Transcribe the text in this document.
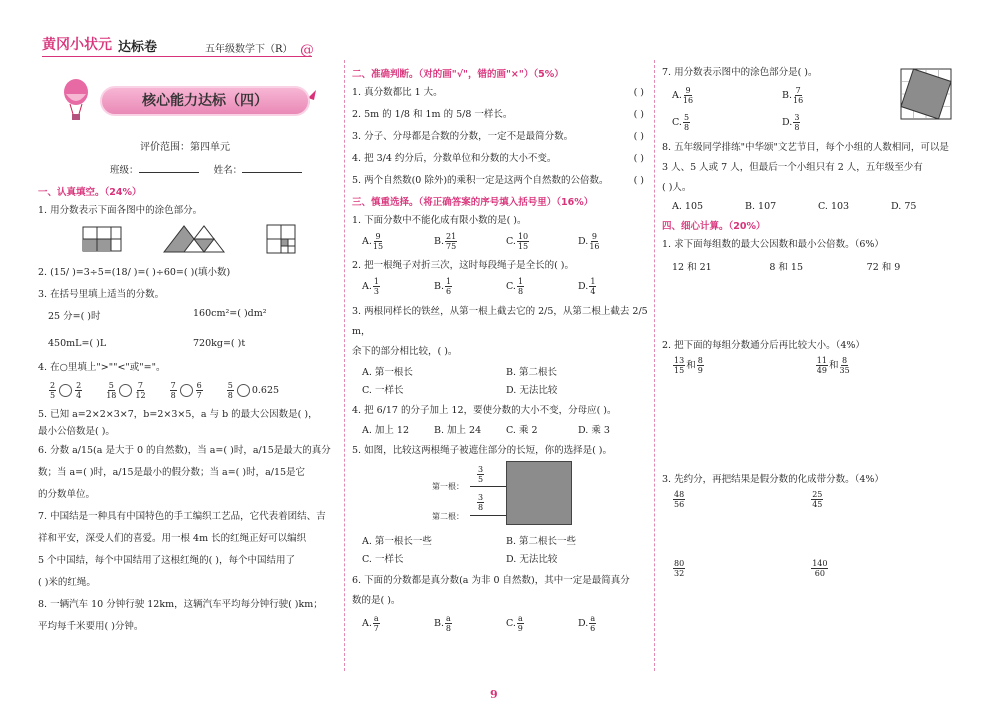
黄冈小状元 达标卷	五年级数学下（R） @
核心能力达标（四）
评价范围：第四单元
班级：	姓名：
一、认真填空。（24%）
1. 用分数表示下面各图中的涂色部分。
2. (15/ )=3÷5=(18/ )=( )÷60=( )(填小数)
3. 在括号里填上适当的分数。
25 分=( )时	160cm²=( )dm²
450mL=( )L	720kg=( )t
4. 在○里填上">""<"或"="。
$\frac{2}{5} \frac{2}{4}$	$\frac{5}{18} \frac{7}{12}$	$\frac{7}{8} \frac{6}{7}$	$\frac{5}{8} 0.625$
5. 已知 a=2×2×3×7，b=2×3×5，a 与 b 的最大公因数是( )，
最小公倍数是( )。
6. 分数 a/15(a 是大于 0 的自然数)，当 a=( )时，a/15是最大的真分
数；当 a=( )时，a/15是最小的假分数；当 a=( )时，a/15是它
的分数单位。
7. 中国结是一种具有中国特色的手工编织工艺品，它代表着团结、吉
祥和平安，深受人们的喜爱。用一根 4m 长的红绳正好可以编织
5 个中国结，每个中国结用了这根红绳的( )，每个中国结用了
( )米的红绳。
8. 一辆汽车 10 分钟行驶 12km，这辆汽车平均每分钟行驶( )km；
平均每千米要用( )分钟。
二、准确判断。（对的画"√"，错的画"×"）（5%）
( )
1. 真分数都比 1 大。
( )
2. 5m 的 1/8 和 1m 的 5/8 一样长。
( )
3. 分子、分母都是合数的分数，一定不是最简分数。
( )
4. 把 3/4 约分后，分数单位和分数的大小不变。
( )
5. 两个自然数(0 除外)的乘积一定是这两个自然数的公倍数。
三、慎重选择。（将正确答案的序号填入括号里）（16%）
1. 下面分数中不能化成有限小数的是( )。
A. $\frac{9}{15}$	B. $\frac{21}{75}$	C. $\frac{10}{15}$	D. $\frac{9}{16}$
2. 把一根绳子对折三次，这时每段绳子是全长的( )。
A. $\frac{1}{3}$	B. $\frac{1}{6}$	C. $\frac{1}{8}$	D. $\frac{1}{4}$
3. 两根同样长的铁丝，从第一根上截去它的 2/5，从第二根上截去 2/5 m，
余下的部分相比较，( )。
A. 第一根长	B. 第二根长
C. 一样长	D. 无法比较
4. 把 6/17 的分子加上 12，要使分数的大小不变，分母应( )。
A. 加上 12	B. 加上 24	C. 乘 2	D. 乘 3
5. 如图，比较这两根绳子被遮住部分的长短，你的选择是( )。
第一根：
第二根：
$\frac{3}{5}$
$\frac{3}{8}$
A. 第一根长一些	B. 第二根长一些
C. 一样长	D. 无法比较
6. 下面的分数都是真分数(a 为非 0 自然数)，其中一定是最简真分
数的是( )。
A. $\frac{a}{7}$	B. $\frac{a}{8}$	C. $\frac{a}{9}$	D. $\frac{a}{6}$
7. 用分数表示图中的涂色部分是( )。
A. $\frac{9}{16}$	B. $\frac{7}{16}$
C. $\frac{5}{8}$	D. $\frac{3}{8}$
8. 五年级同学排练"中华颂"文艺节目，每个小组的人数相同，可以是
3 人、5 人或 7 人，但最后一个小组只有 2 人，五年级至少有
( )人。
A. 105	B. 107	C. 103	D. 75
四、细心计算。（20%）
1. 求下面每组数的最大公因数和最小公倍数。（6%）
12 和 21	8 和 15	72 和 9
2. 把下面的每组分数通分后再比较大小。（4%）
$\frac{13}{15}$ 和 $\frac{8}{9}$	$\frac{11}{49}$ 和 $\frac{8}{35}$
3. 先约分，再把结果是假分数的化成带分数。（4%）
$\frac{48}{56}$	$\frac{25}{45}$
$\frac{80}{32}$	$\frac{140}{60}$
9
